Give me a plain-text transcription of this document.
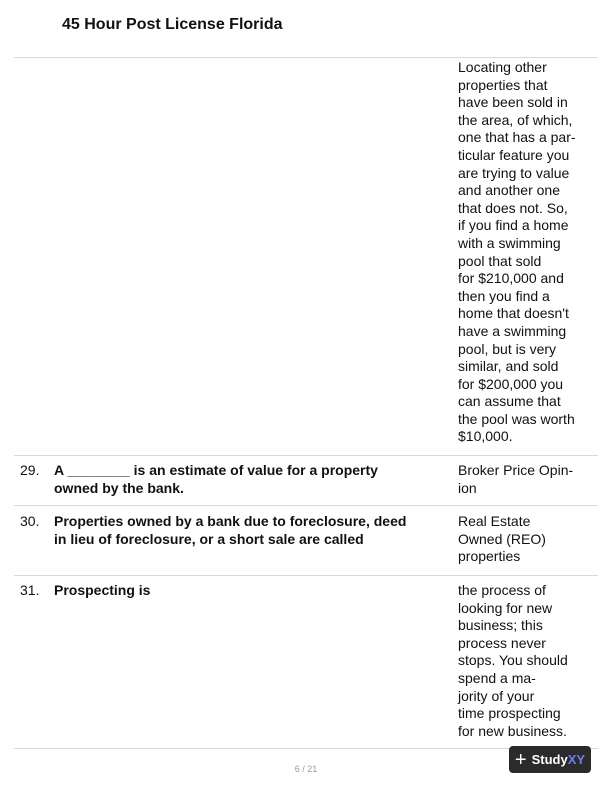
45 Hour Post License Florida
Locating other
properties that
have been sold in
the area, of which,
one that has a par-
ticular feature you
are trying to value
and another one
that does not. So,
if you find a home
with a swimming
pool that sold
for $210,000 and
then you find a
home that doesn't
have a swimming
pool, but is very
similar, and sold
for $200,000 you
can assume that
the pool was worth
$10,000.
29. A ________ is an estimate of value for a property
owned by the bank.
Broker Price Opin-
ion
30. Properties owned by a bank due to foreclosure, deed
in lieu of foreclosure, or a short sale are called
Real Estate
Owned (REO)
properties
31. Prospecting is	the process of
looking for new
business; this
process never
stops. You should
spend a ma-
jority of your
time prospecting
for new business.
6 / 21	+ StudyXY
